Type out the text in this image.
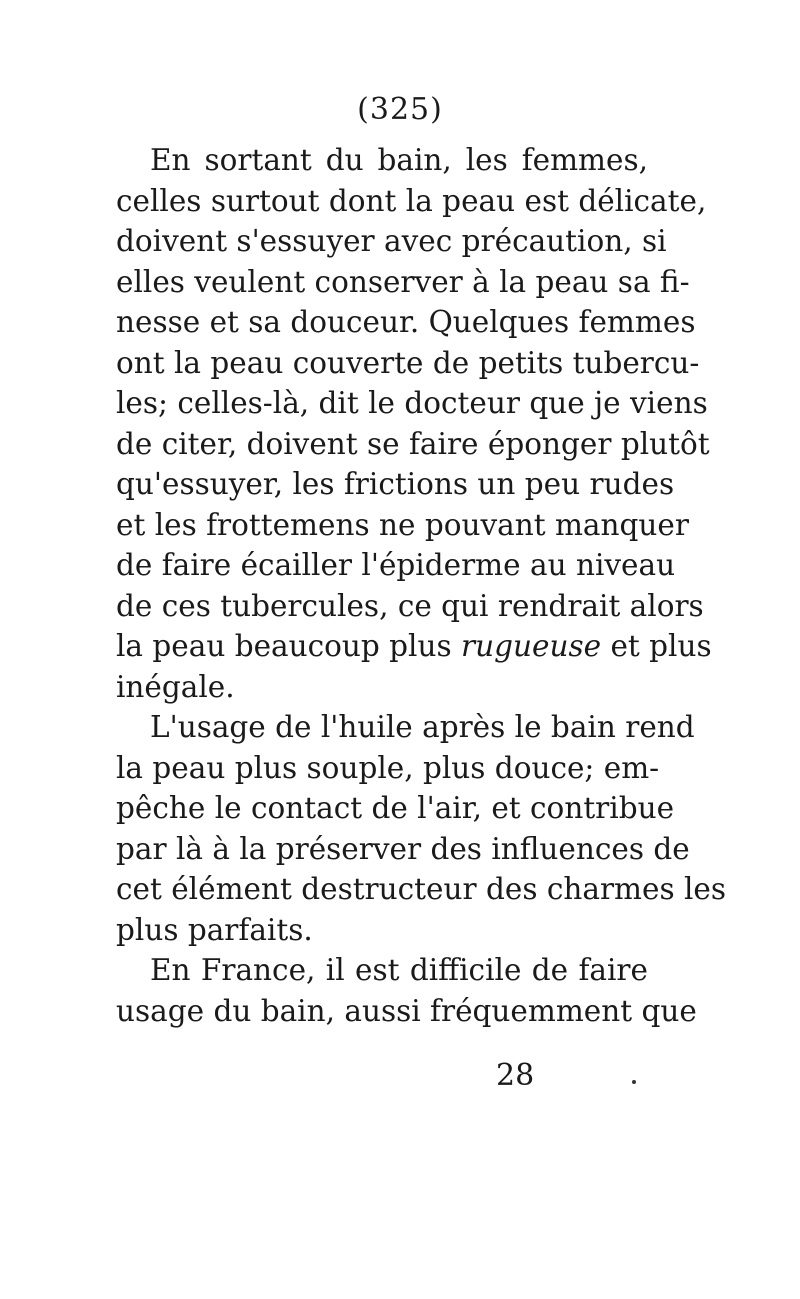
(325)
En sortant du bain, les femmes,
celles surtout dont la peau est délicate,
doivent s'essuyer avec précaution, si
elles veulent conserver à la peau sa fi-
nesse et sa douceur. Quelques femmes
ont la peau couverte de petits tubercu-
les; celles-là, dit le docteur que je viens
de citer, doivent se faire éponger plutôt
qu'essuyer, les frictions un peu rudes
et les frottemens ne pouvant manquer
de faire écailler l'épiderme au niveau
de ces tubercules, ce qui rendrait alors
la peau beaucoup plus rugueuse et plus
inégale.
L'usage de l'huile après le bain rend
la peau plus souple, plus douce; em-
pêche le contact de l'air, et contribue
par là à la préserver des influences de
cet élément destructeur des charmes les
plus parfaits.
En France, il est difficile de faire
usage du bain, aussi fréquemment que
28
